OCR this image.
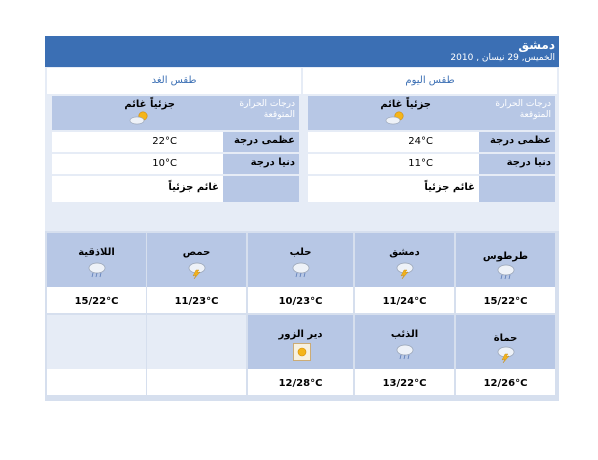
دمشق
الخميس, 29 نيسان , 2010
طقس اليوم
طقس الغد
درجات الحرارة المتوقعة
جزئياً غائم
عظمى درجة
24°C
دنيا درجة
11°C
غائم جزئياً
درجات الحرارة المتوقعة
جزئياً غائم
عظمى درجة
22°C
دنيا درجة
10°C
غائم جزئياً
طرطوس
15/22°C
دمشق
11/24°C
حلب
10/23°C
حمص
11/23°C
اللاذقية
15/22°C
حماة
12/26°C
الذئب
13/22°C
دير الزور
12/28°C
